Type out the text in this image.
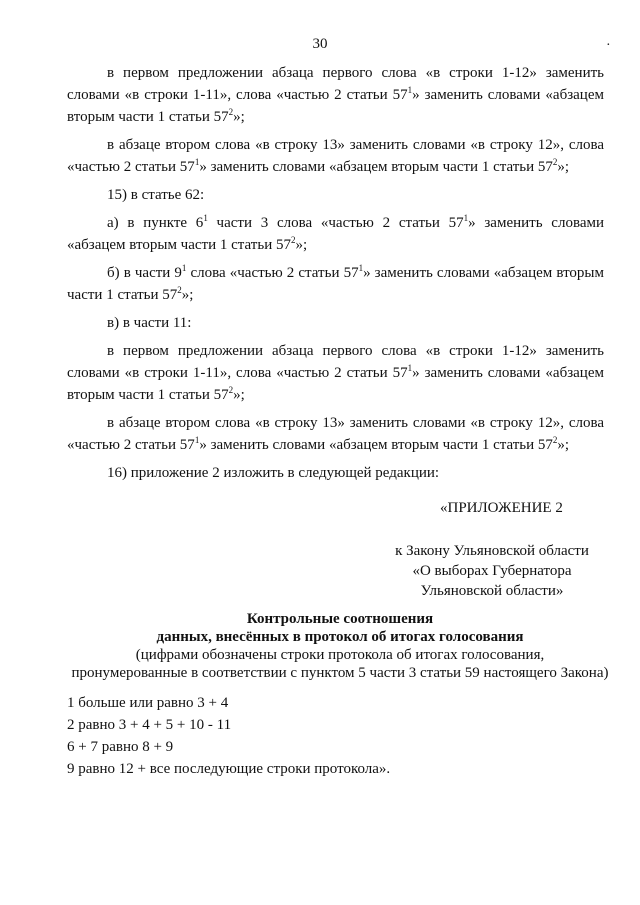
30	·
в первом предложении абзаца первого слова «в строки 1-12» заменить словами «в строки 1-11», слова «частью 2 статьи $57^1$» заменить словами «абзацем вторым части 1 статьи $57^2$»;
в абзаце втором слова «в строку 13» заменить словами «в строку 12», слова «частью 2 статьи $57^1$» заменить словами «абзацем вторым части 1 статьи $57^2$»;
15) в статье 62:
а) в пункте $6^1$ части 3 слова «частью 2 статьи $57^1$» заменить словами «абзацем вторым части 1 статьи $57^2$»;
б) в части $9^1$ слова «частью 2 статьи $57^1$» заменить словами «абзацем вторым части 1 статьи $57^2$»;
в) в части 11:
в первом предложении абзаца первого слова «в строки 1-12» заменить словами «в строки 1-11», слова «частью 2 статьи $57^1$» заменить словами «абзацем вторым части 1 статьи $57^2$»;
в абзаце втором слова «в строку 13» заменить словами «в строку 12», слова «частью 2 статьи $57^1$» заменить словами «абзацем вторым части 1 статьи $57^2$»;
16) приложение 2 изложить в следующей редакции:
«ПРИЛОЖЕНИЕ 2
к Закону Ульяновской области
«О выборах Губернатора
Ульяновской области»
Контрольные соотношения
данных, внесённых в протокол об итогах голосования
(цифрами обозначены строки протокола об итогах голосования,
пронумерованные в соответствии с пунктом 5 части 3 статьи 59 настоящего Закона)
1 больше или равно 3 + 4
2 равно 3 + 4 + 5 + 10 - 11
6 + 7 равно 8 + 9
9 равно 12 + все последующие строки протокола».
